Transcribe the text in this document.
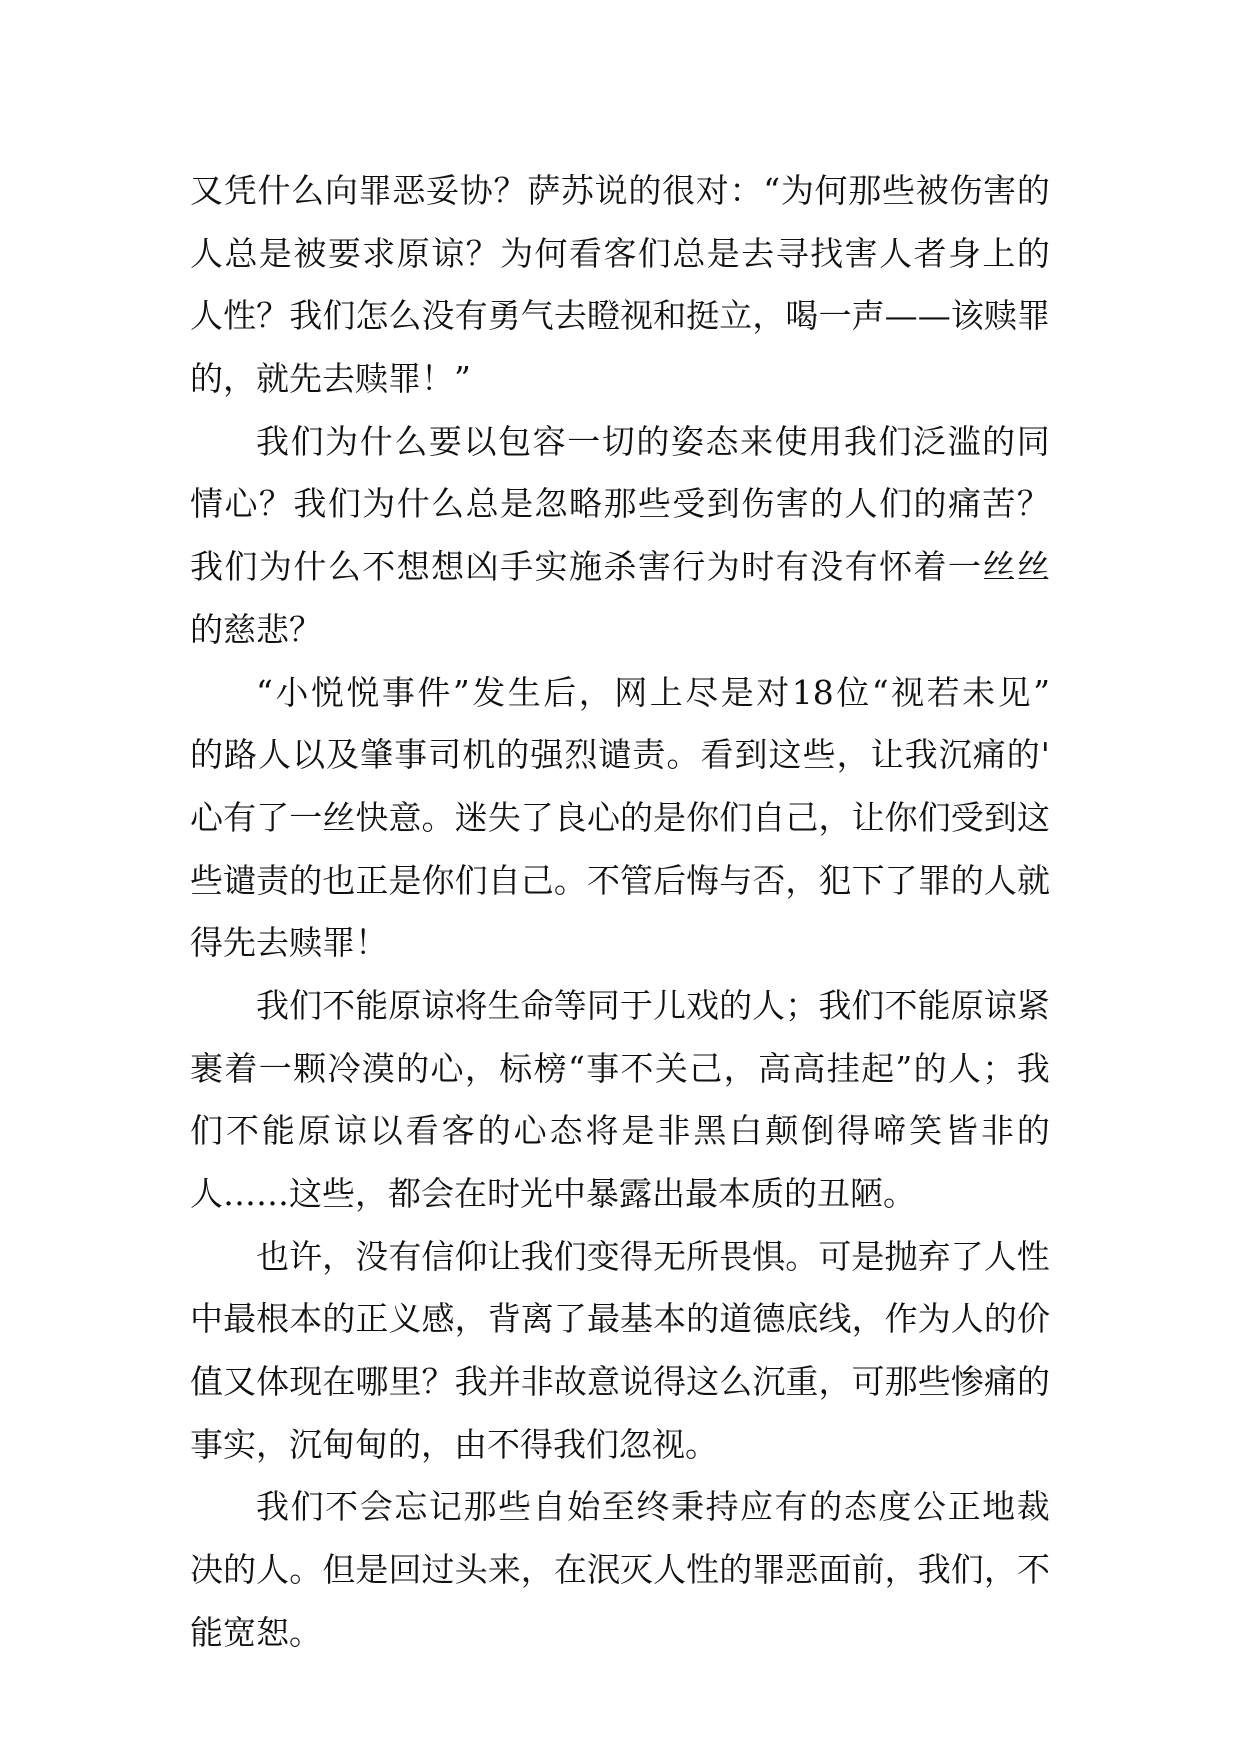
又 凭 什 么 向 罪 恶 妥 协 ？ 萨 苏 说 的 很 对 ： “ 为 何 那 些 被 伤 害 的
人 总 是 被 要 求 原 谅 ？ 为 何 看 客 们 总 是 去 寻 找 害 人 者 身 上 的
人 性 ？ 我 们 怎 么 没 有 勇 气 去 瞪 视 和 挺 立 ， 喝 一 声 — — 该 赎 罪
的，就先去赎罪！”
我 们 为 什 么 要 以 包 容 一 切 的 姿 态 来 使 用 我 们 泛 滥 的 同
情 心 ？ 我 们 为 什 么 总 是 忽 略 那 些 受 到 伤 害 的 人 们 的 痛 苦 ？
我 们 为 什 么 不 想 想 凶 手 实 施 杀 害 行 为 时 有 没 有 怀 着 一 丝 丝
的慈悲？
“ 小 悦 悦 事 件 ” 发 生 后 ， 网 上 尽 是 对 18 位 “ 视 若 未 见 ”
的 路 人 以 及 肇 事 司 机 的 强 烈 谴 责 。 看 到 这 些 ， 让 我 沉 痛 的 '
心 有 了 一 丝 快 意 。 迷 失 了 良 心 的 是 你 们 自 己 ， 让 你 们 受 到 这
些 谴 责 的 也 正 是 你 们 自 己 。 不 管 后 悔 与 否 ， 犯 下 了 罪 的 人 就
得先去赎罪！
我 们 不 能 原 谅 将 生 命 等 同 于 儿 戏 的 人 ； 我 们 不 能 原 谅 紧
裹 着 一 颗 冷 漠 的 心 ， 标 榜 “ 事 不 关 己 ， 高 高 挂 起 ” 的 人 ； 我
们 不 能 原 谅 以 看 客 的 心 态 将 是 非 黑 白 颠 倒 得 啼 笑 皆 非 的
人……这些，都会在时光中暴露出最本质的丑陋。
也 许 ， 没 有 信 仰 让 我 们 变 得 无 所 畏 惧 。 可 是 抛 弃 了 人 性
中 最 根 本 的 正 义 感 ， 背 离 了 最 基 本 的 道 德 底 线 ， 作 为 人 的 价
值 又 体 现 在 哪 里 ？ 我 并 非 故 意 说 得 这 么 沉 重 ， 可 那 些 惨 痛 的
事实，沉甸甸的，由不得我们忽视。
我 们 不 会 忘 记 那 些 自 始 至 终 秉 持 应 有 的 态 度 公 正 地 裁
决 的 人 。 但 是 回 过 头 来 ， 在 泯 灭 人 性 的 罪 恶 面 前 ， 我 们 ， 不
能宽恕。
